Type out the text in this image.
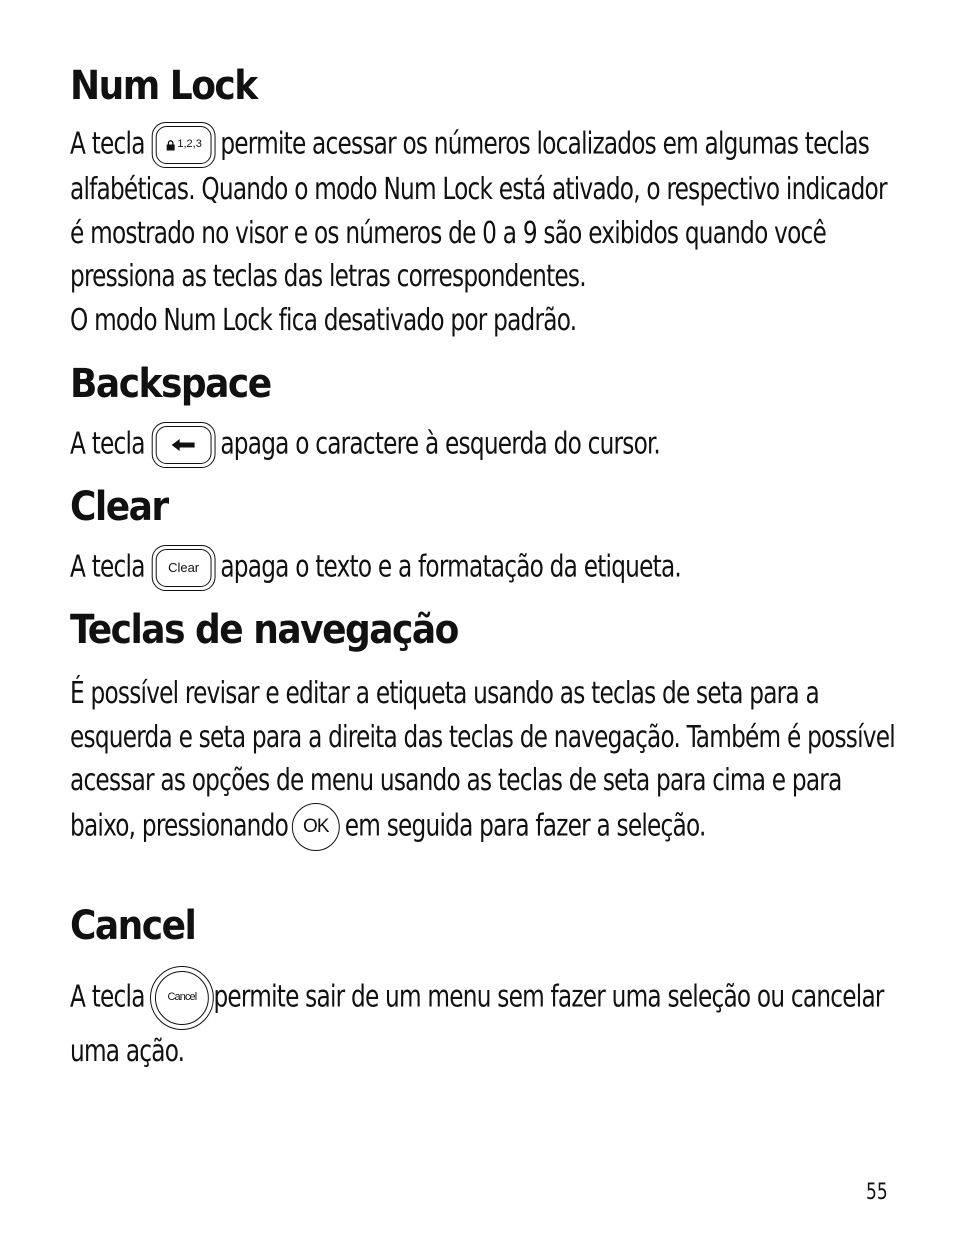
Num Lock

A tecla	1,2,3 permite acessar os números localizados em algumas teclas alfabéticas. Quando o modo Num Lock está ativado, o respectivo indicador é mostrado no visor e os números de 0 a 9 são exibidos quando você pressiona as teclas das letras correspondentes.
O modo Num Lock fica desativado por padrão.

Backspace

A tecla	apaga o caractere à esquerda do cursor.

Clear

A tecla	Clear apaga o texto e a formatação da etiqueta.

Teclas de navegação

É possível revisar e editar a etiqueta usando as teclas de seta para a esquerda e seta para a direita das teclas de navegação. Também é possível acessar as opções de menu usando as teclas de seta para cima e para baixo, pressionando OK em seguida para fazer a seleção.

Cancel

A tecla	Cancel permite sair de um menu sem fazer uma seleção ou cancelar uma ação.

55
